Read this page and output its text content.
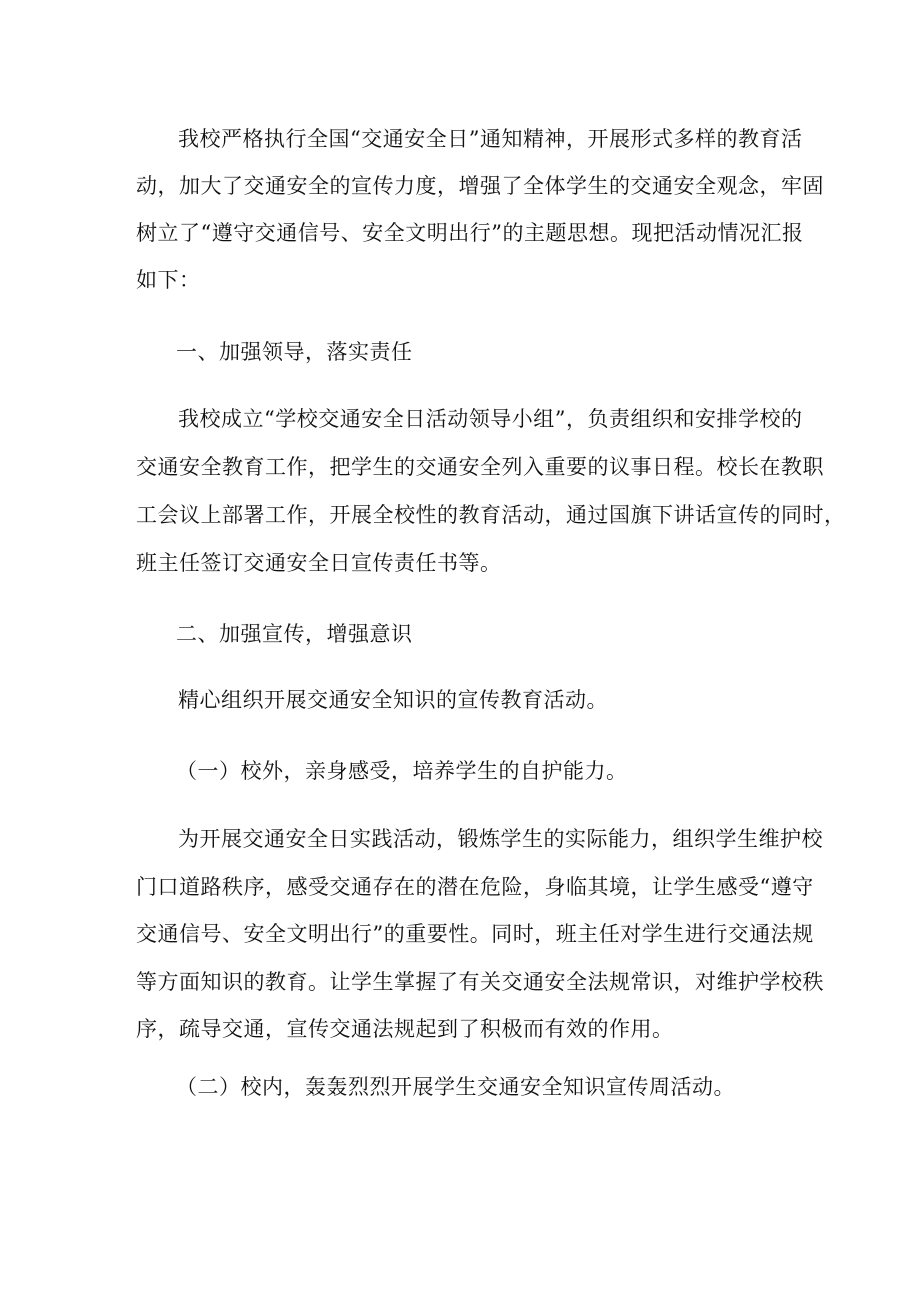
我校严格执行全国“交通安全日”通知精神，开展形式多样的教育活
动，加大了交通安全的宣传力度，增强了全体学生的交通安全观念，牢固
树立了“遵守交通信号、安全文明出行”的主题思想。现把活动情况汇报
如下：
一、加强领导，落实责任
我校成立“学校交通安全日活动领导小组”，负责组织和安排学校的
交通安全教育工作，把学生的交通安全列入重要的议事日程。校长在教职
工会议上部署工作，开展全校性的教育活动，通过国旗下讲话宣传的同时，
班主任签订交通安全日宣传责任书等。
二、加强宣传，增强意识
精心组织开展交通安全知识的宣传教育活动。
（一）校外，亲身感受，培养学生的自护能力。
为开展交通安全日实践活动，锻炼学生的实际能力，组织学生维护校
门口道路秩序，感受交通存在的潜在危险，身临其境，让学生感受“遵守
交通信号、安全文明出行”的重要性。同时，班主任对学生进行交通法规
等方面知识的教育。让学生掌握了有关交通安全法规常识，对维护学校秩
序，疏导交通，宣传交通法规起到了积极而有效的作用。
（二）校内，轰轰烈烈开展学生交通安全知识宣传周活动。
